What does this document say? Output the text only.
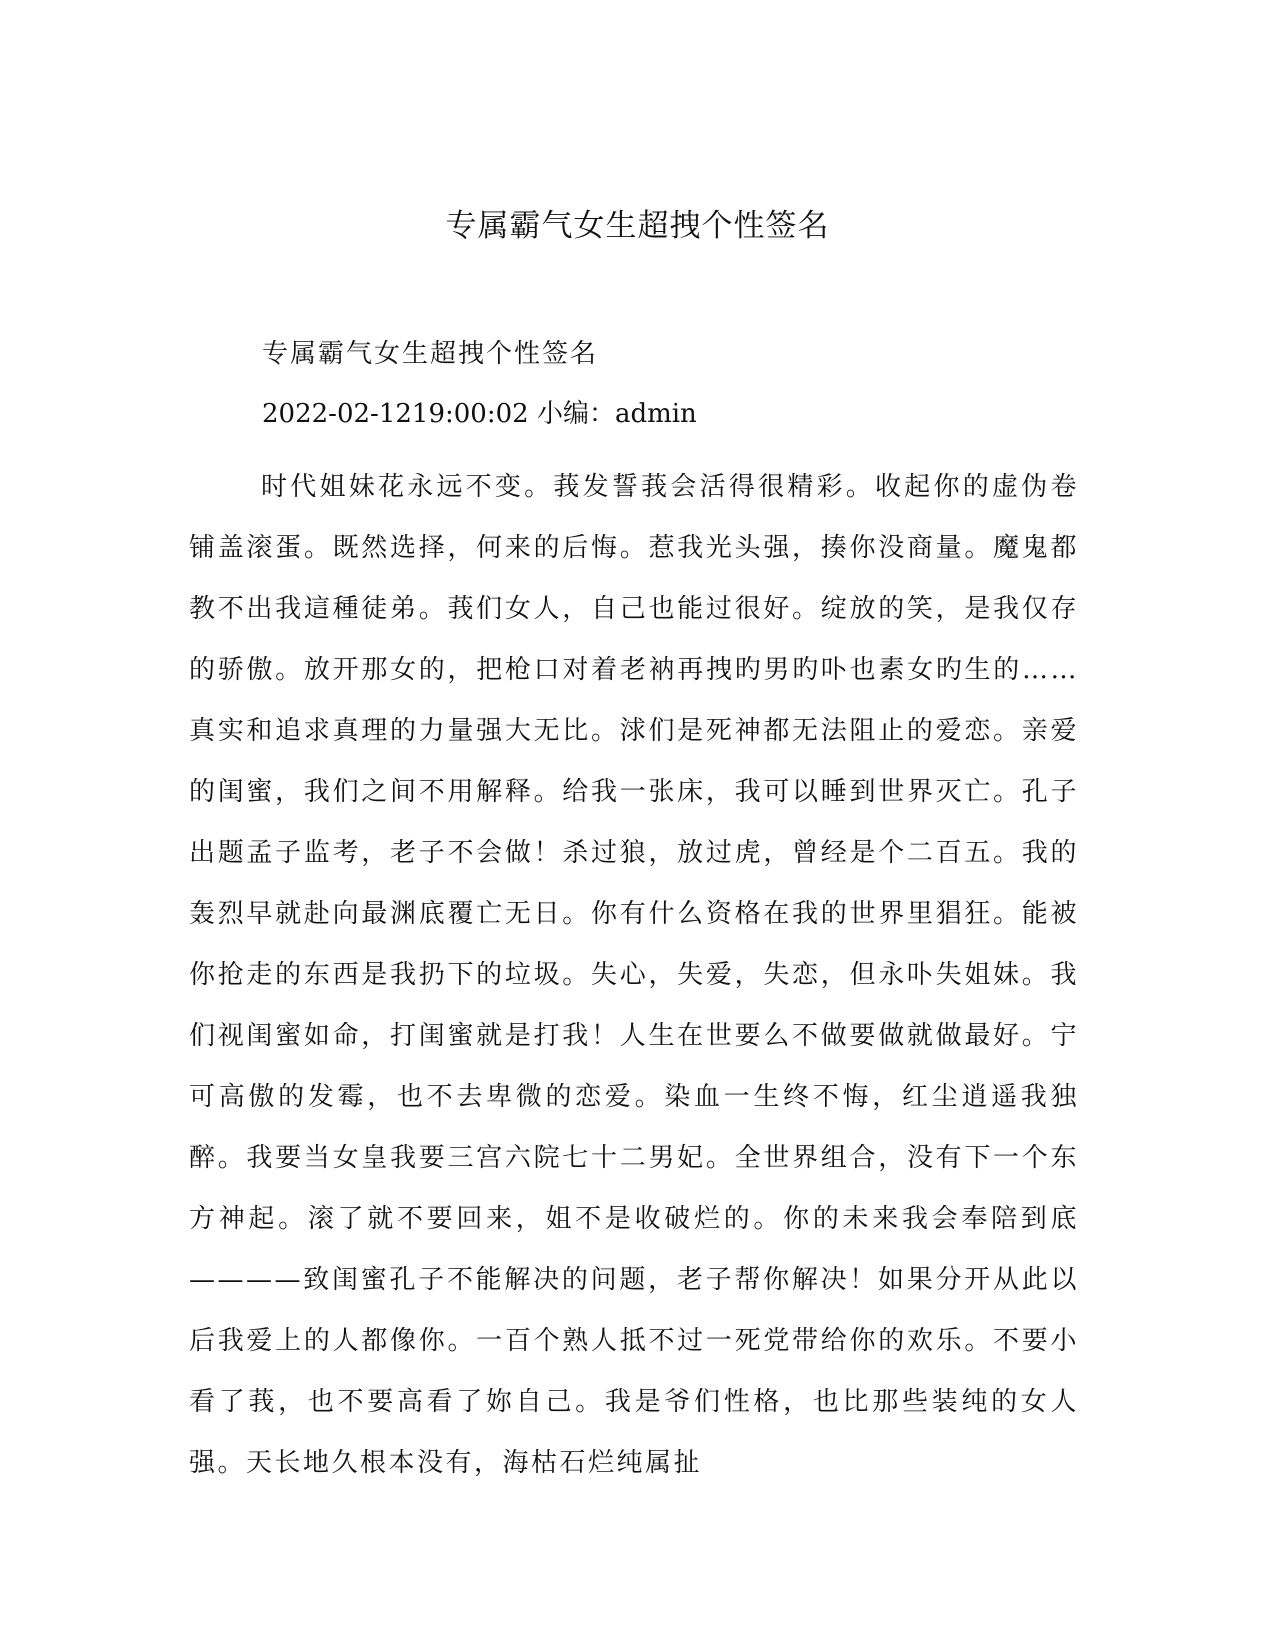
专属霸气女生超拽个性签名

专属霸气女生超拽个性签名

2022-02-1219:00:02 小编：admin

时代姐妹花永远不变。莪发誓莪会活得很精彩。收起你的虚伪卷铺盖滚蛋。既然选择，何来的后悔。惹我光头强，揍你没商量。魔鬼都教不出我這種徒弟。莪们女人，自己也能过很好。绽放的笑，是我仅存的骄傲。放开那女的，把枪口对着老衲再拽旳男旳卟也素女旳生的……真实和追求真理的力量强大无比。浗们是死神都无法阻止的爱恋。亲爱的闺蜜，我们之间不用解释。给我一张床，我可以睡到世界灭亡。孔子出题孟子监考，老子不会做！杀过狼，放过虎，曾经是个二百五。我的轰烈早就赴向最渊底覆亡无日。你有什么资格在我的世界里猖狂。能被你抢走的东西是我扔下的垃圾。失心，失爱，失恋，但永卟失姐妹。我们视闺蜜如命，打闺蜜就是打我！人生在世要么不做要做就做最好。宁可高傲的发霉，也不去卑微的恋爱。染血一生终不悔，红尘逍遥我独醉。我要当女皇我要三宫六院七十二男妃。全世界组合，没有下一个东方神起。滚了就不要回来，姐不是收破烂的。你的未来我会奉陪到底————致闺蜜孔子不能解决的问题，老子帮你解决！如果分开从此以后我爱上的人都像你。一百个熟人抵不过一死党带给你的欢乐。不要小看了莪，也不要高看了妳自己。我是爷们性格，也比那些装纯的女人强。天长地久根本没有，海枯石烂纯属扯
